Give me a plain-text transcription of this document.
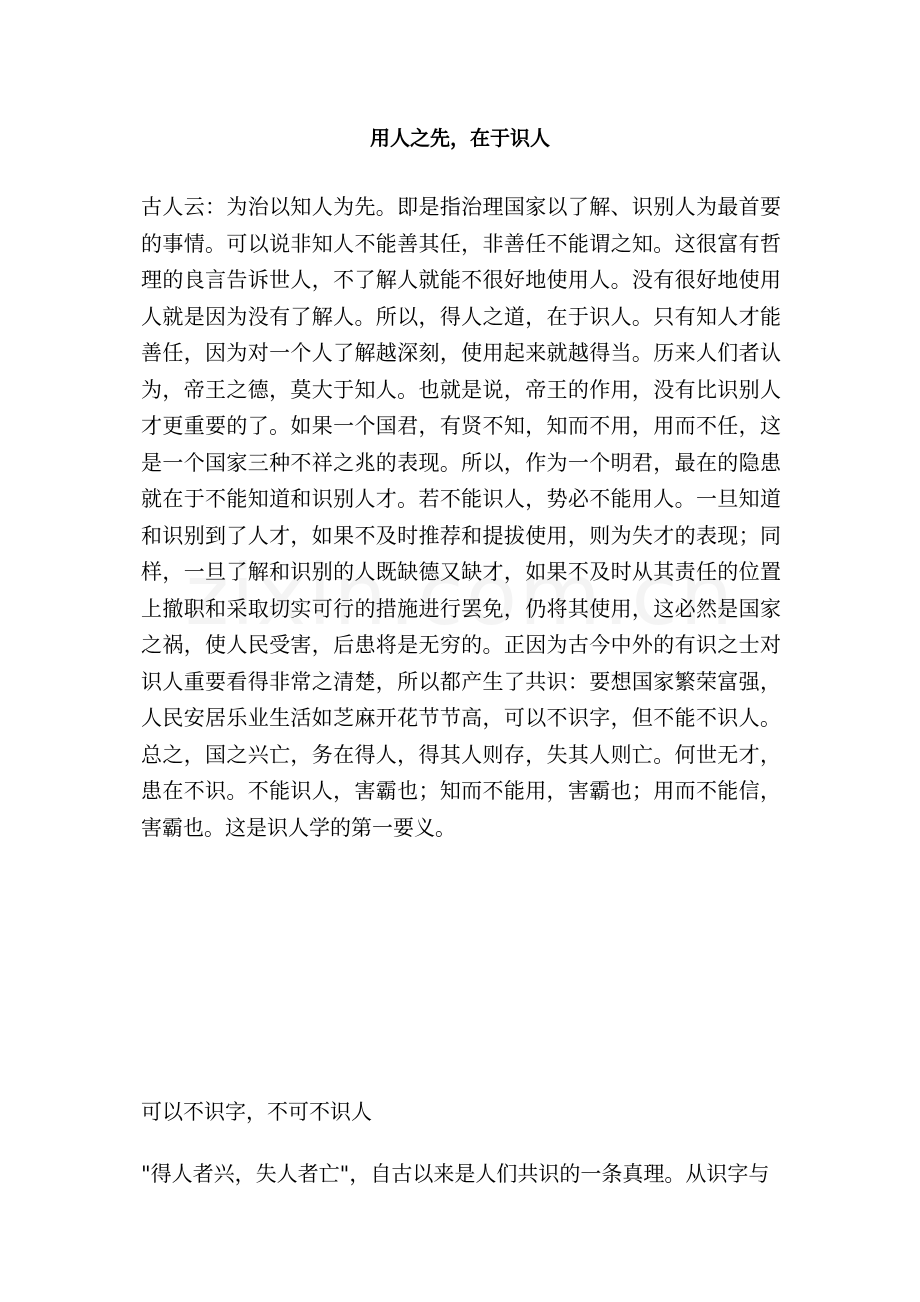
用人之先，在于识人

古人云：为治以知人为先。即是指治理国家以了解、识别人为最首要的事情。可以说非知人不能善其任，非善任不能谓之知。这很富有哲理的良言告诉世人，不了解人就能不很好地使用人。没有很好地使用人就是因为没有了解人。所以，得人之道，在于识人。只有知人才能善任，因为对一个人了解越深刻，使用起来就越得当。历来人们者认为，帝王之德，莫大于知人。也就是说，帝王的作用，没有比识别人才更重要的了。如果一个国君，有贤不知，知而不用，用而不任，这是一个国家三种不祥之兆的表现。所以，作为一个明君，最在的隐患就在于不能知道和识别人才。若不能识人，势必不能用人。一旦知道和识别到了人才，如果不及时推荐和提拔使用，则为失才的表现；同样，一旦了解和识别的人既缺德又缺才，如果不及时从其责任的位置上撤职和采取切实可行的措施进行罢免，仍将其使用，这必然是国家之祸，使人民受害，后患将是无穷的。正因为古今中外的有识之士对识人重要看得非常之清楚，所以都产生了共识：要想国家繁荣富强，人民安居乐业生活如芝麻开花节节高，可以不识字，但不能不识人。总之，国之兴亡，务在得人，得其人则存，失其人则亡。何世无才，患在不识。不能识人，害霸也；知而不能用，害霸也；用而不能信，害霸也。这是识人学的第一要义。

可以不识字，不可不识人

"得人者兴，失人者亡"，自古以来是人们共识的一条真理。从识字与
